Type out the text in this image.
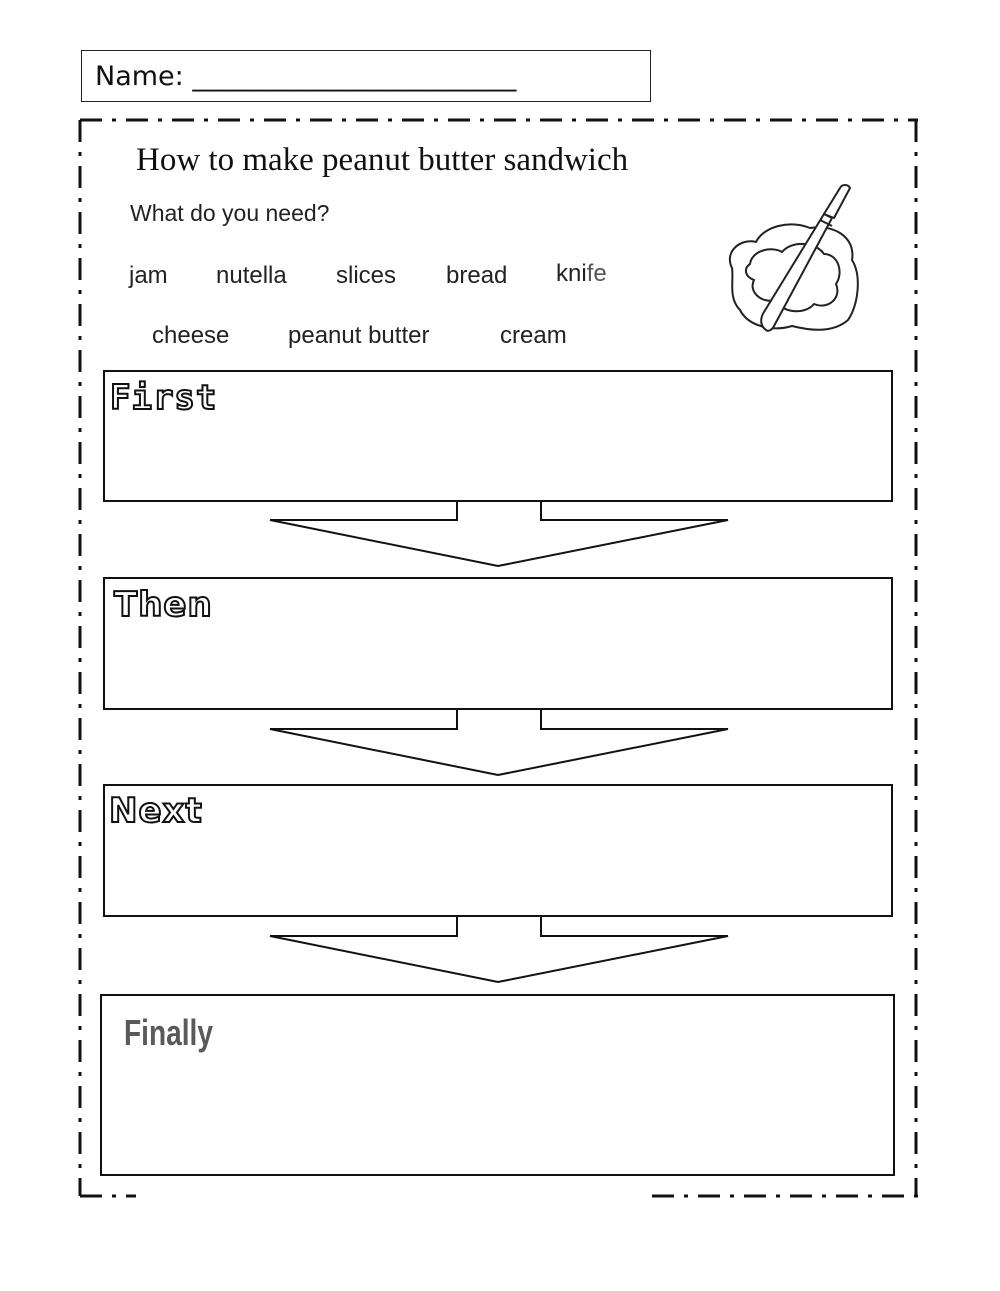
Name: ________________________
How to make peanut butter sandwich
What do you need?
jam nutella slices bread knife
cheese peanut butter	cream
First
Then
Next
Finally
